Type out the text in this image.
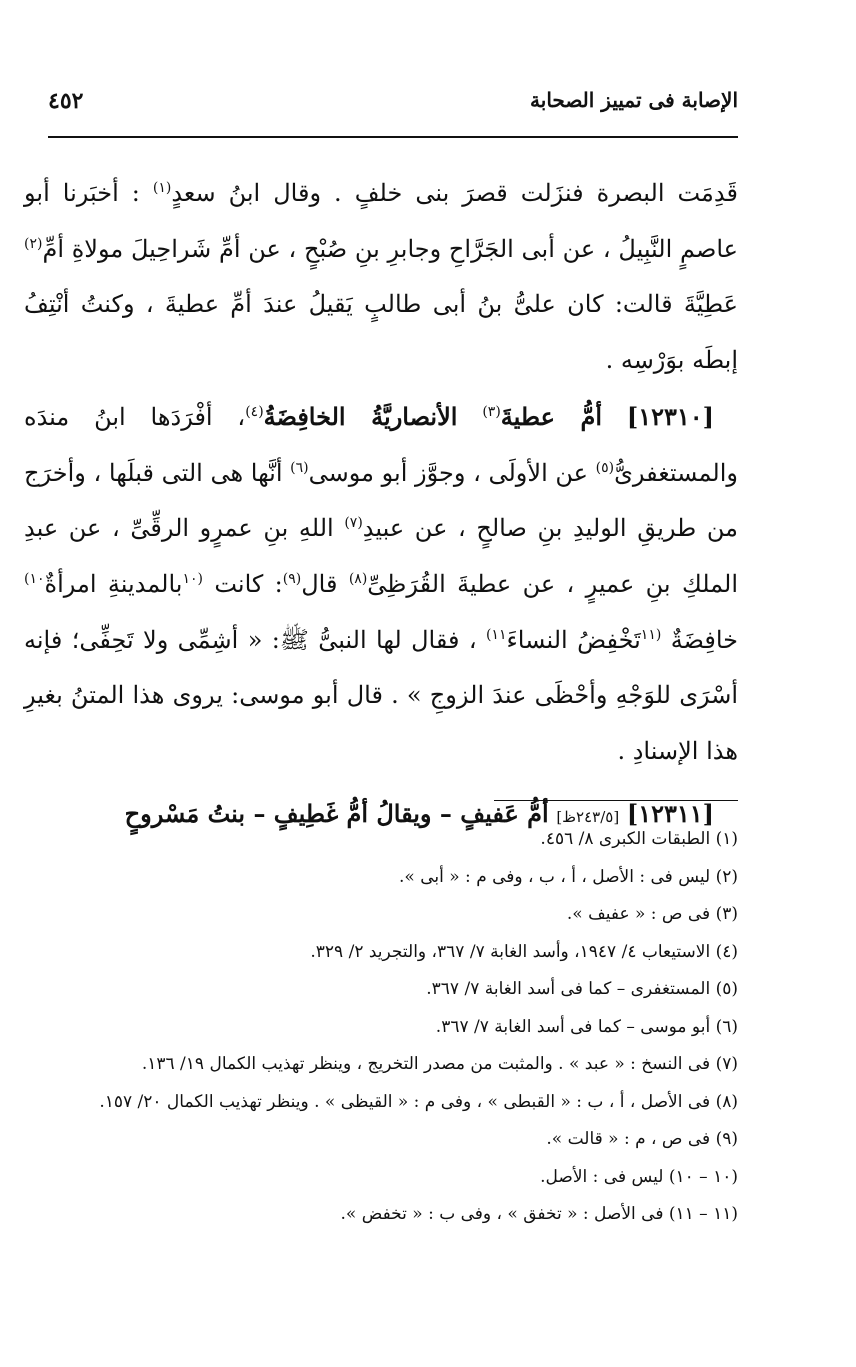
٤٥٢	الإصابة فى تمييز الصحابة

قَدِمَت البصرة فنزَلت قصرَ بنى خلفٍ . وقال ابنُ سعدٍ$^{(١)}$ : أخبَرنا أبو عاصمٍ النَّبِيلُ ، عن أبى الجَرَّاحِ وجابرِ بنِ صُبْحٍ ، عن أمِّ شَراحِيلَ مولاةِ أمِّ$^{(٢)}$ عَطِيَّةَ قالت: كان علىُّ بنُ أبى طالبٍ يَقيلُ عندَ أمِّ عطيةَ ، وكنتُ أنْتِفُ إبطَه بوَرْسِه .

 [١٢٣١٠] أمُّ عطيةَ$^{(٣)}$ الأنصاريَّةُ الخافِضَةُ$^{(٤)}$، أفْرَدَها ابنُ مندَه والمستغفرىُّ$^{(٥)}$ عن الأولَى ، وجوَّز أبو موسى$^{(٦)}$ أنَّها هى التى قبلَها ، وأخرَج من طريقِ الوليدِ بنِ صالحٍ ، عن عبيدِ$^{(٧)}$ اللهِ بنِ عمرٍو الرقِّىِّ ، عن عبدِ الملكِ بنِ عميرٍ ، عن عطيةَ القُرَظِىِّ$^{(٨)}$ قال$^{(٩)}$: كانت $^{(١٠}$بالمدينةِ امرأةٌ$^{١٠)}$ خافِضَةٌ $^{(١١}$تَخْفِضُ النساءَ$^{١١)}$ ، فقال لها النبىُّ ﷺ: « أشِمِّى ولا تَحِفِّى؛ فإنه أسْرَى للوَجْهِ وأحْظَى عندَ الزوجِ » . قال أبو موسى: يروى هذا المتنُ بغيرِ هذا الإسنادِ .

 [١٢٣١١] [٢٤٣/٥ظ] أمُّ عَفيفٍ – ويقالُ أمُّ غَطِيفٍ – بنتُ مَسْروحٍ

(١) الطبقات الكبرى ٨/ ٤٥٦.
(٢) ليس فى : الأصل ، أ ، ب ، وفى م : « أبى ».
(٣) فى ص : « عفيف ».
(٤) الاستيعاب ٤/ ١٩٤٧، وأسد الغابة ٧/ ٣٦٧، والتجريد ٢/ ٣٢٩.
(٥) المستغفرى – كما فى أسد الغابة ٧/ ٣٦٧.
(٦) أبو موسى – كما فى أسد الغابة ٧/ ٣٦٧.
(٧) فى النسخ : « عبد » . والمثبت من مصدر التخريج ، وينظر تهذيب الكمال ١٩/ ١٣٦.
(٨) فى الأصل ، أ ، ب : « القبطى » ، وفى م : « القيظى » . وينظر تهذيب الكمال ٢٠/ ١٥٧.
(٩) فى ص ، م : « قالت ».
(١٠ – ١٠) ليس فى : الأصل.
(١١ – ١١) فى الأصل : « تخفق » ، وفى ب : « تخفض ».
